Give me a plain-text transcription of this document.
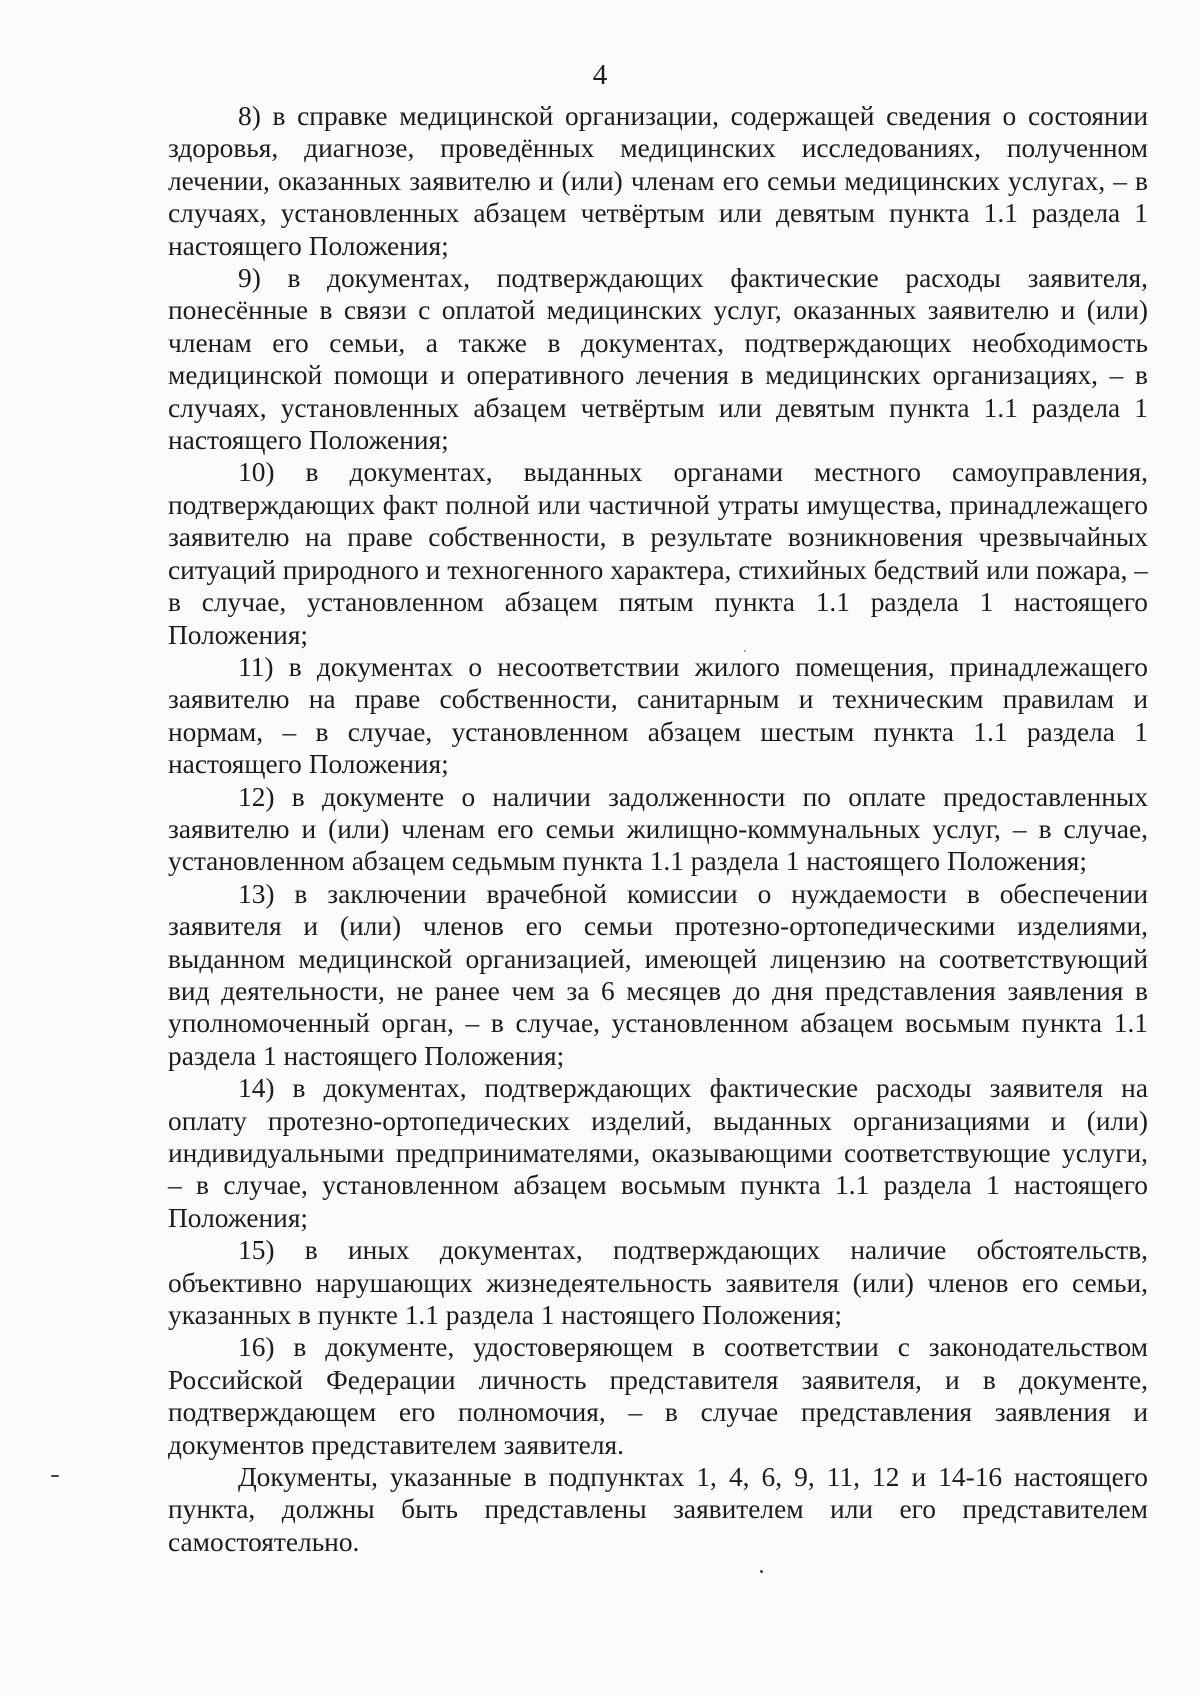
4

8) в справке медицинской организации, содержащей сведения о состоянии здоровья, диагнозе, проведённых медицинских исследованиях, полученном лечении, оказанных заявителю и (или) членам его семьи медицинских услугах, – в случаях, установленных абзацем четвёртым или девятым пункта 1.1 раздела 1 настоящего Положения;

9) в документах, подтверждающих фактические расходы заявителя, понесённые в связи с оплатой медицинских услуг, оказанных заявителю и (или) членам его семьи, а также в документах, подтверждающих необходимость медицинской помощи и оперативного лечения в медицинских организациях, – в случаях, установленных абзацем четвёртым или девятым пункта 1.1 раздела 1 настоящего Положения;

10) в документах, выданных органами местного самоуправления, подтверждающих факт полной или частичной утраты имущества, принадлежащего заявителю на праве собственности, в результате возникновения чрезвычайных ситуаций природного и техногенного характера, стихийных бедствий или пожара, – в случае, установленном абзацем пятым пункта 1.1 раздела 1 настоящего Положения;

11) в документах о несоответствии жилого помещения, принадлежащего заявителю на праве собственности, санитарным и техническим правилам и нормам, – в случае, установленном абзацем шестым пункта 1.1 раздела 1 настоящего Положения;

12) в документе о наличии задолженности по оплате предоставленных заявителю и (или) членам его семьи жилищно-коммунальных услуг, – в случае, установленном абзацем седьмым пункта 1.1 раздела 1 настоящего Положения;

13) в заключении врачебной комиссии о нуждаемости в обеспечении заявителя и (или) членов его семьи протезно-ортопедическими изделиями, выданном медицинской организацией, имеющей лицензию на соответствующий вид деятельности, не ранее чем за 6 месяцев до дня представления заявления в уполномоченный орган, – в случае, установленном абзацем восьмым пункта 1.1 раздела 1 настоящего Положения;

14) в документах, подтверждающих фактические расходы заявителя на оплату протезно-ортопедических изделий, выданных организациями и (или) индивидуальными предпринимателями, оказывающими соответствующие услуги, – в случае, установленном абзацем восьмым пункта 1.1 раздела 1 настоящего Положения;

15) в иных документах, подтверждающих наличие обстоятельств, объективно нарушающих жизнедеятельность заявителя (или) членов его семьи, указанных в пункте 1.1 раздела 1 настоящего Положения;

16) в документе, удостоверяющем в соответствии с законодательством Российской Федерации личность представителя заявителя, и в документе, подтверждающем его полномочия, – в случае представления заявления и документов представителем заявителя.

Документы, указанные в подпунктах 1, 4, 6, 9, 11, 12 и 14-16 настоящего пункта, должны быть представлены заявителем или его представителем самостоятельно.
